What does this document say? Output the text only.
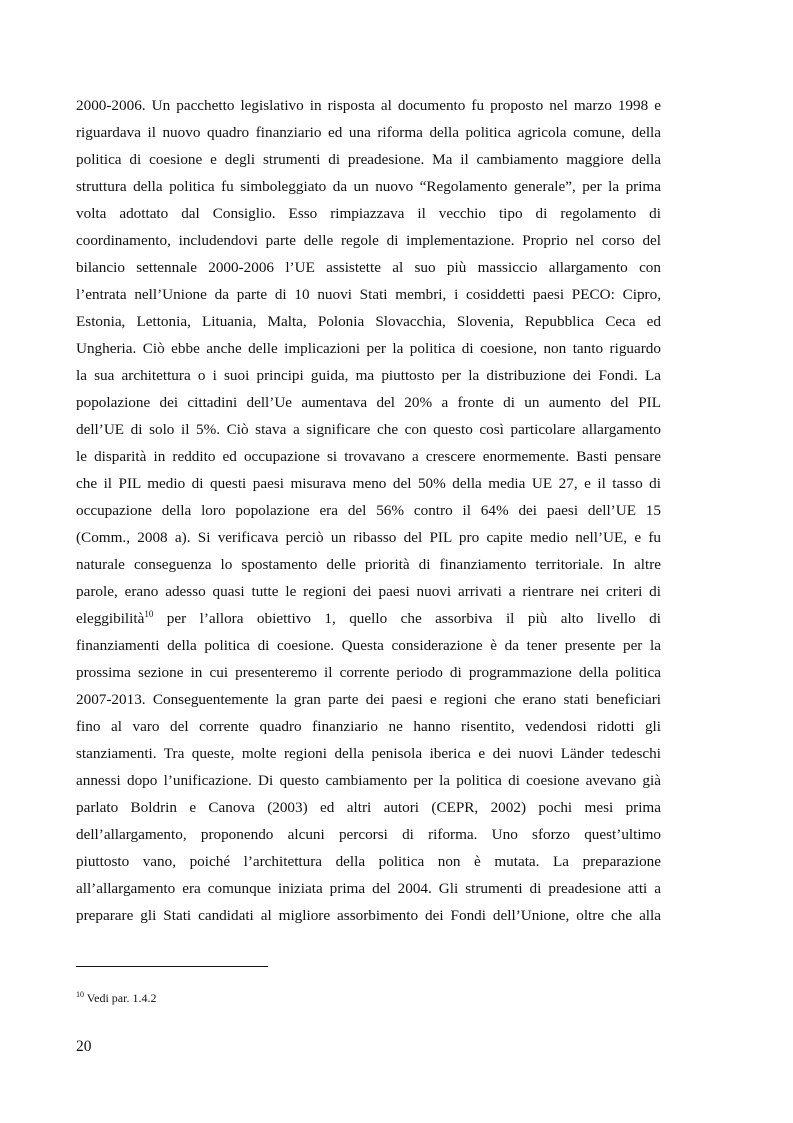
2000-2006. Un pacchetto legislativo in risposta al documento fu proposto nel marzo 1998 e
riguardava il nuovo quadro finanziario ed una riforma della politica agricola comune, della
politica di coesione e degli strumenti di preadesione. Ma il cambiamento maggiore della
struttura della politica fu simboleggiato da un nuovo “Regolamento generale”, per la prima
volta adottato dal Consiglio. Esso rimpiazzava il vecchio tipo di regolamento di
coordinamento, includendovi parte delle regole di implementazione. Proprio nel corso del
bilancio settennale 2000-2006 l’UE assistette al suo più massiccio allargamento con
l’entrata nell’Unione da parte di 10 nuovi Stati membri, i cosiddetti paesi PECO: Cipro,
Estonia, Lettonia, Lituania, Malta, Polonia Slovacchia, Slovenia, Repubblica Ceca ed
Ungheria. Ciò ebbe anche delle implicazioni per la politica di coesione, non tanto riguardo
la sua architettura o i suoi principi guida, ma piuttosto per la distribuzione dei Fondi. La
popolazione dei cittadini dell’Ue aumentava del 20% a fronte di un aumento del PIL
dell’UE di solo il 5%. Ciò stava a significare che con questo così particolare allargamento
le disparità in reddito ed occupazione si trovavano a crescere enormemente. Basti pensare
che il PIL medio di questi paesi misurava meno del 50% della media UE 27, e il tasso di
occupazione della loro popolazione era del 56% contro il 64% dei paesi dell’UE 15
(Comm., 2008 a). Si verificava perciò un ribasso del PIL pro capite medio nell’UE, e fu
naturale conseguenza lo spostamento delle priorità di finanziamento territoriale. In altre
parole, erano adesso quasi tutte le regioni dei paesi nuovi arrivati a rientrare nei criteri di
eleggibilità$^{10}$ per l’allora obiettivo 1, quello che assorbiva il più alto livello di
finanziamenti della politica di coesione. Questa considerazione è da tener presente per la
prossima sezione in cui presenteremo il corrente periodo di programmazione della politica
2007-2013. Conseguentemente la gran parte dei paesi e regioni che erano stati beneficiari
fino al varo del corrente quadro finanziario ne hanno risentito, vedendosi ridotti gli
stanziamenti. Tra queste, molte regioni della penisola iberica e dei nuovi Länder tedeschi
annessi dopo l’unificazione. Di questo cambiamento per la politica di coesione avevano già
parlato Boldrin e Canova (2003) ed altri autori (CEPR, 2002) pochi mesi prima
dell’allargamento, proponendo alcuni percorsi di riforma. Uno sforzo quest’ultimo
piuttosto vano, poiché l’architettura della politica non è mutata. La preparazione
all’allargamento era comunque iniziata prima del 2004. Gli strumenti di preadesione atti a
preparare gli Stati candidati al migliore assorbimento dei Fondi dell’Unione, oltre che alla
$^{10}$ Vedi par. 1.4.2
20
